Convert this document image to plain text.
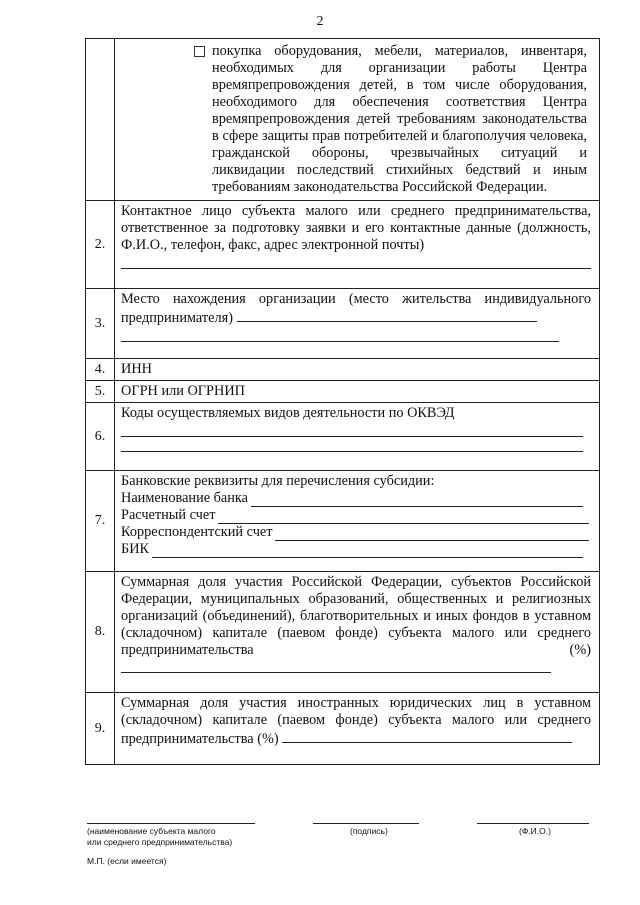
2

покупка оборудования, мебели, материалов, инвентаря, необходимых для организации работы Центра времяпрепровождения детей, в том числе оборудования, необходимого для обеспечения соответствия Центра времяпрепровождения детей требованиям законодательства в сфере защиты прав потребителей и благополучия человека, гражданской обороны, чрезвычайных ситуаций и ликвидации последствий стихийных бедствий и иным требованиям законодательства Российской Федерации.

2.	Контактное лицо субъекта малого или среднего предпринимательства, ответственное за подготовку заявки и его контактные данные (должность, Ф.И.О., телефон, факс, адрес электронной почты)

3.	Место нахождения организации (место жительства индивидуального предпринимателя)

4.	ИНН
5.	ОГРН или ОГРНИП
6.	Коды осуществляемых видов деятельности по ОКВЭД

7.	Банковские реквизиты для перечисления субсидии:
Наименование банка
Расчетный счет
Корреспондентский счет
БИК

8.	Суммарная доля участия Российской Федерации, субъектов Российской Федерации, муниципальных образований, общественных и религиозных организаций (объединений), благотворительных и иных фондов в уставном (складочном) капитале (паевом фонде) субъекта малого или среднего предпринимательства (%)
9.	Суммарная доля участия иностранных юридических лиц в уставном (складочном) капитале (паевом фонде) субъекта малого или среднего предпринимательства (%)
(наименование субъекта малого
или среднего предпринимательства)
(подпись)	(Ф.И.О.)
М.П. (если имеется)
